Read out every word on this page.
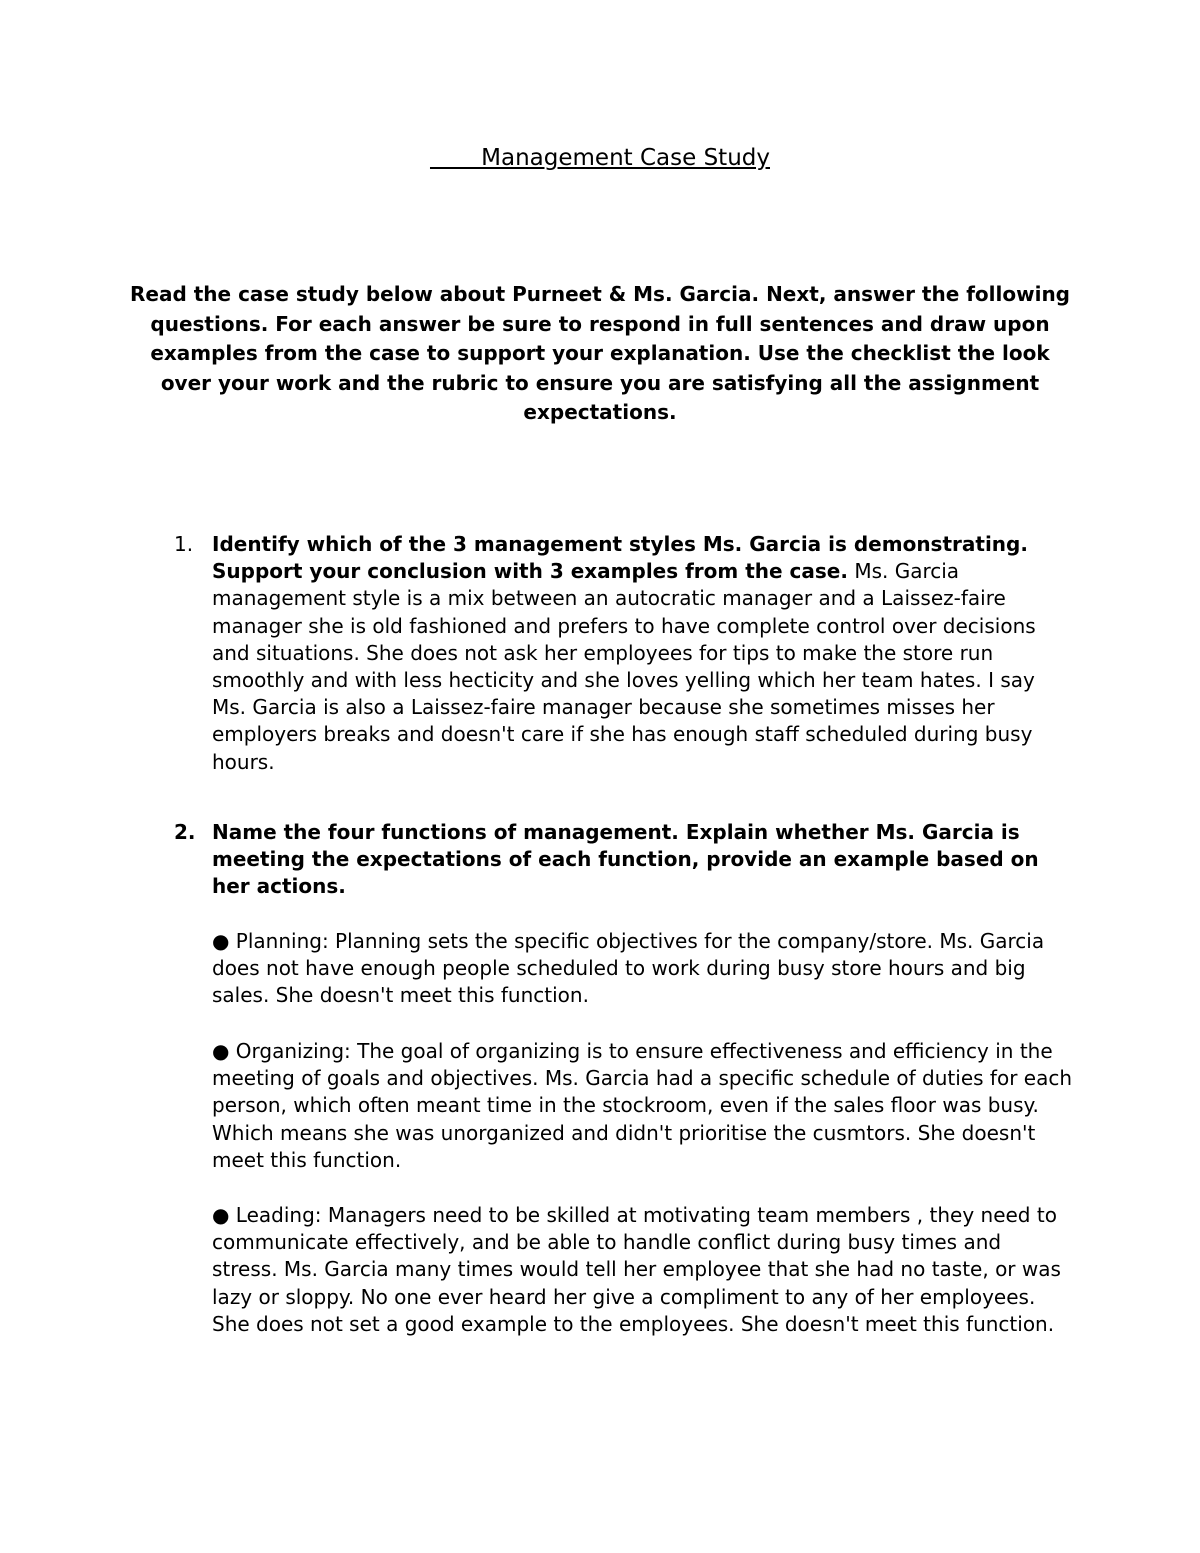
Management Case Study
Read the case study below about Purneet & Ms. Garcia. Next, answer the following questions. For each answer be sure to respond in full sentences and draw upon examples from the case to support your explanation. Use the checklist the look over your work and the rubric to ensure you are satisfying all the assignment expectations.
1. Identify which of the 3 management styles Ms. Garcia is demonstrating. Support your conclusion with 3 examples from the case. Ms. Garcia management style is a mix between an autocratic manager and a Laissez-faire manager she is old fashioned and prefers to have complete control over decisions and situations. She does not ask her employees for tips to make the store run smoothly and with less hecticity and she loves yelling which her team hates. I say Ms. Garcia is also a Laissez-faire manager because she sometimes misses her employers breaks and doesn't care if she has enough staff scheduled during busy hours.
2. Name the four functions of management. Explain whether Ms. Garcia is meeting the expectations of each function, provide an example based on her actions.
● Planning: Planning sets the specific objectives for the company/store. Ms. Garcia does not have enough people scheduled to work during busy store hours and big sales. She doesn't meet this function.
● Organizing: The goal of organizing is to ensure effectiveness and efficiency in the meeting of goals and objectives. Ms. Garcia had a specific schedule of duties for each person, which often meant time in the stockroom, even if the sales floor was busy. Which means she was unorganized and didn't prioritise the cusmtors. She doesn't meet this function.
● Leading: Managers need to be skilled at motivating team members , they need to communicate effectively, and be able to handle conflict during busy times and stress. Ms. Garcia many times would tell her employee that she had no taste, or was lazy or sloppy. No one ever heard her give a compliment to any of her employees. She does not set a good example to the employees. She doesn't meet this function.
